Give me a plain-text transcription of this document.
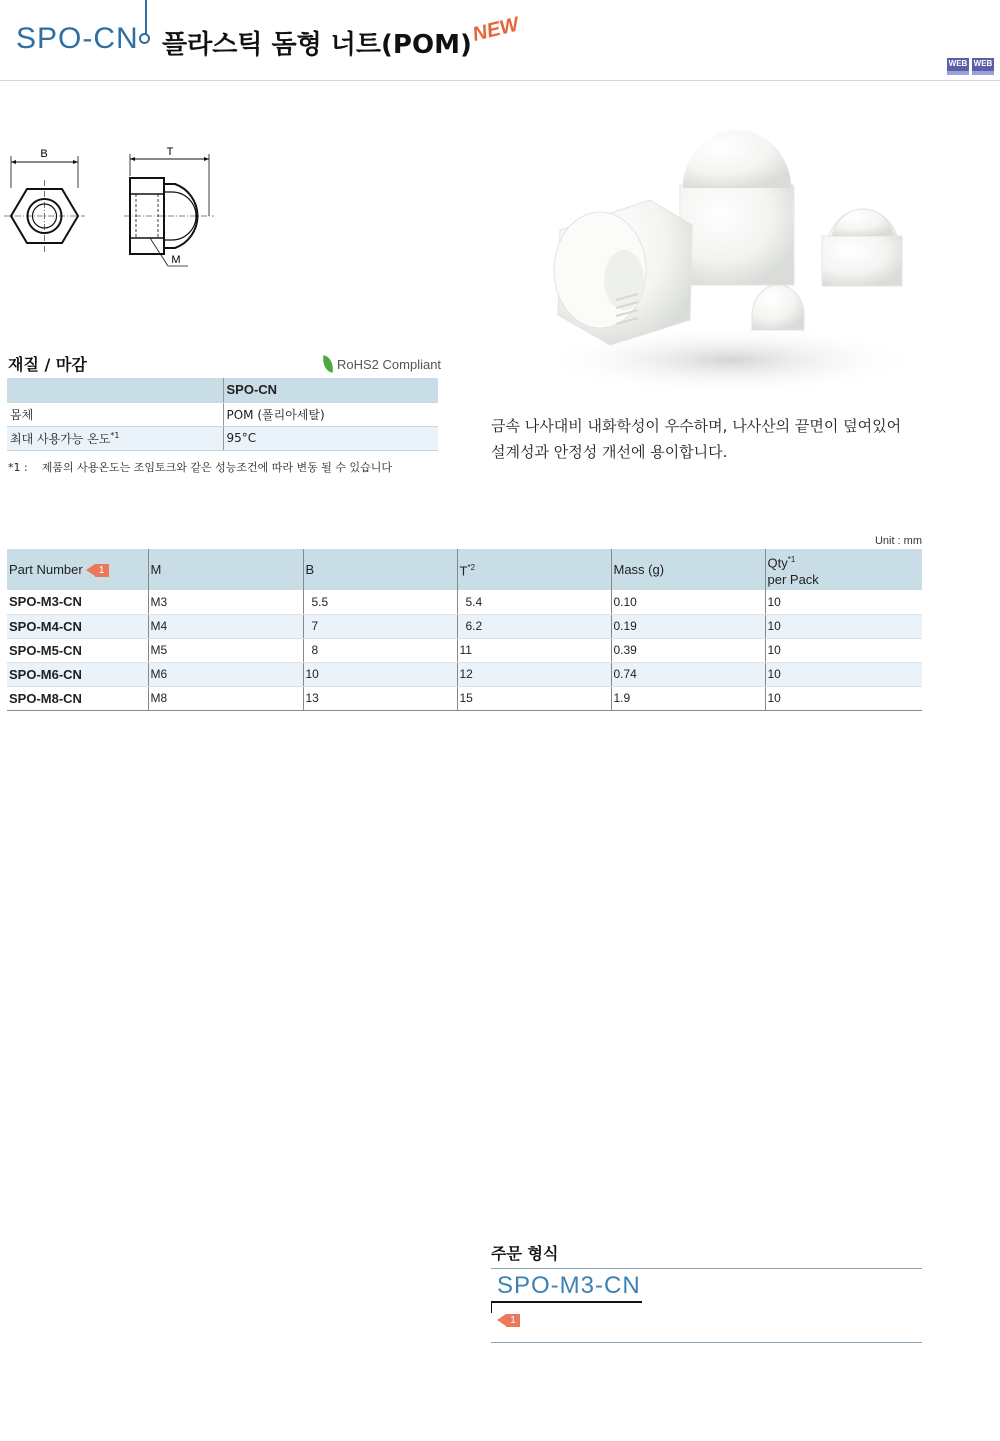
SPO-CN 플라스틱 돔형 너트(POM)
NEW
WEB WEB
B	T
M
재질 / 마감	RoHS2 Compliant
	SPO-CN
몸체	POM (폴리아세탈)
최대 사용가능 온도$^{*1}$	95°C
*1 : 제품의 사용온도는 조임토크와 같은 성능조건에 따라 변동 될 수 있습니다
금속 나사대비 내화학성이 우수하며, 나사산의 끝면이 덮여있어
설계성과 안정성 개선에 용이합니다.
Unit : mm
Part Number 1	M	B	$T^{*2}$	Mass (g)	Qty$^{*1}$
per Pack
SPO-M3-CN	M3	5.5	5.4	0.10	10
SPO-M4-CN	M4	7	6.2	0.19	10
SPO-M5-CN	M5	8	11	0.39	10
SPO-M6-CN	M6	10	12	0.74	10
SPO-M8-CN	M8	13	15	1.9	10
주문 형식
SPO-M3-CN
1
